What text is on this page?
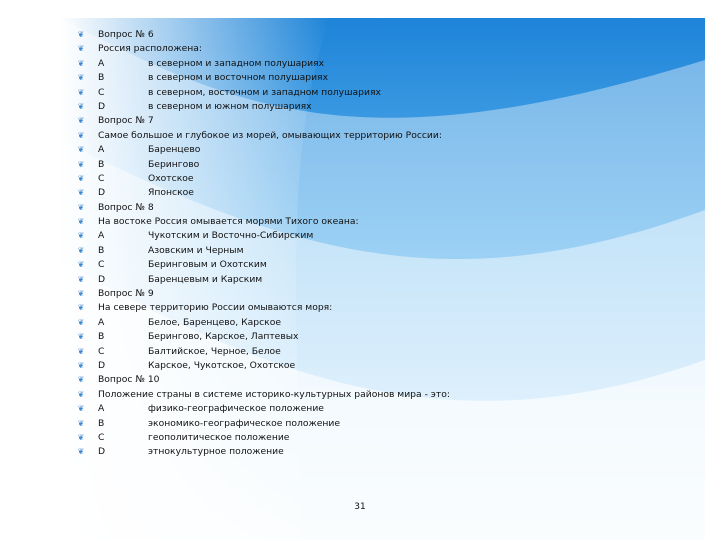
❦ Вопрос № 6
❦ Россия расположена:
❦ A	в северном и западном полушариях
❦ B	в северном и восточном полушариях
❦ C	в северном, восточном и западном полушариях
❦ D	в северном и южном полушариях
❦ Вопрос № 7
❦ Самое большое и глубокое из морей, омывающих территорию России:
❦ A	Баренцево
❦ B	Берингово
❦ C	Охотское
❦ D	Японское
❦ Вопрос № 8
❦ На востоке Россия омывается морями Тихого океана:
❦ A	Чукотским и Восточно-Сибирским
❦ B	Азовским и Черным
❦ C	Беринговым и Охотским
❦ D	Баренцевым и Карским
❦ Вопрос № 9
❦ На севере территорию России омываются моря:
❦ A	Белое, Баренцево, Карское
❦ B	Берингово, Карское, Лаптевых
❦ C	Балтийское, Черное, Белое
❦ D	Карское, Чукотское, Охотское
❦ Вопрос № 10
❦ Положение страны в системе историко-культурных районов мира - это:
❦ A	физико-географическое положение
❦ B	экономико-географическое положение
❦ C	геополитическое положение
❦ D	этнокультурное положение
31
